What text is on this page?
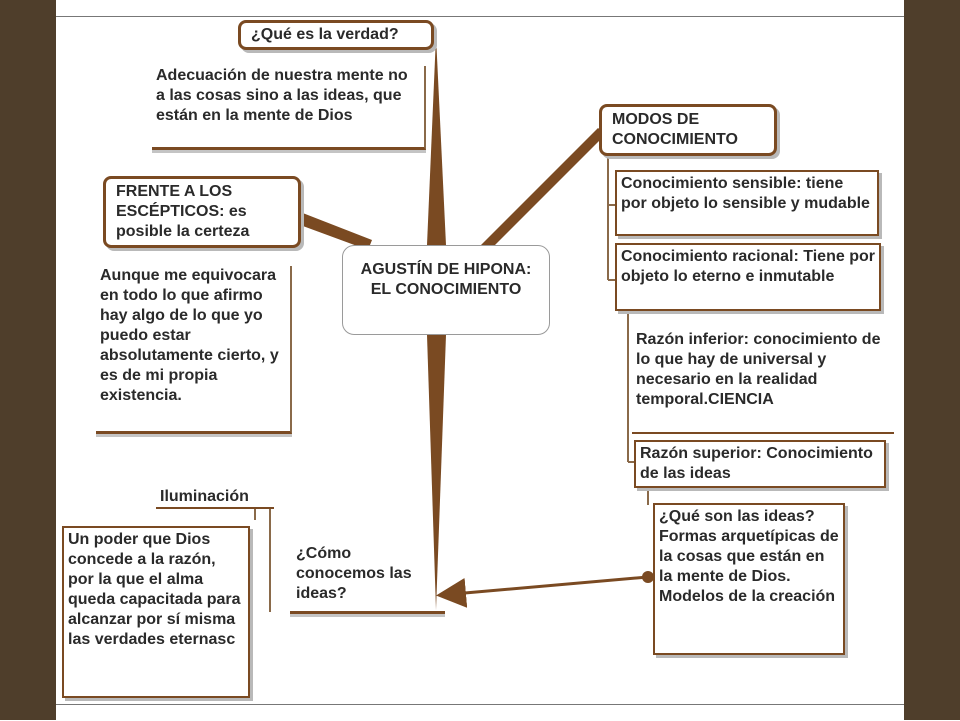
AGUSTÍN DE HIPONA: EL CONOCIMIENTO
¿Qué es la verdad?
Adecuación de nuestra mente no a las cosas sino a las ideas, que están en la mente de Dios
FRENTE A LOS ESCÉPTICOS: es posible la certeza
Aunque me equivocara en todo lo que afirmo hay algo de lo que yo puedo estar absolutamente cierto, y es de mi propia existencia.
MODOS DE CONOCIMIENTO
Conocimiento sensible: tiene por objeto lo sensible y mudable
Conocimiento racional: Tiene por objeto lo eterno e inmutable
Razón inferior: conocimiento de lo que hay de universal y necesario en la realidad temporal.CIENCIA
Razón superior: Conocimiento de las ideas
¿Qué son las ideas? Formas arquetípicas de la cosas que están en la mente de Dios. Modelos de la creación
¿Cómo conocemos las ideas?
Iluminación
Un poder que Dios concede a la razón, por la que el alma queda capacitada para alcanzar por sí misma las verdades eternasc
